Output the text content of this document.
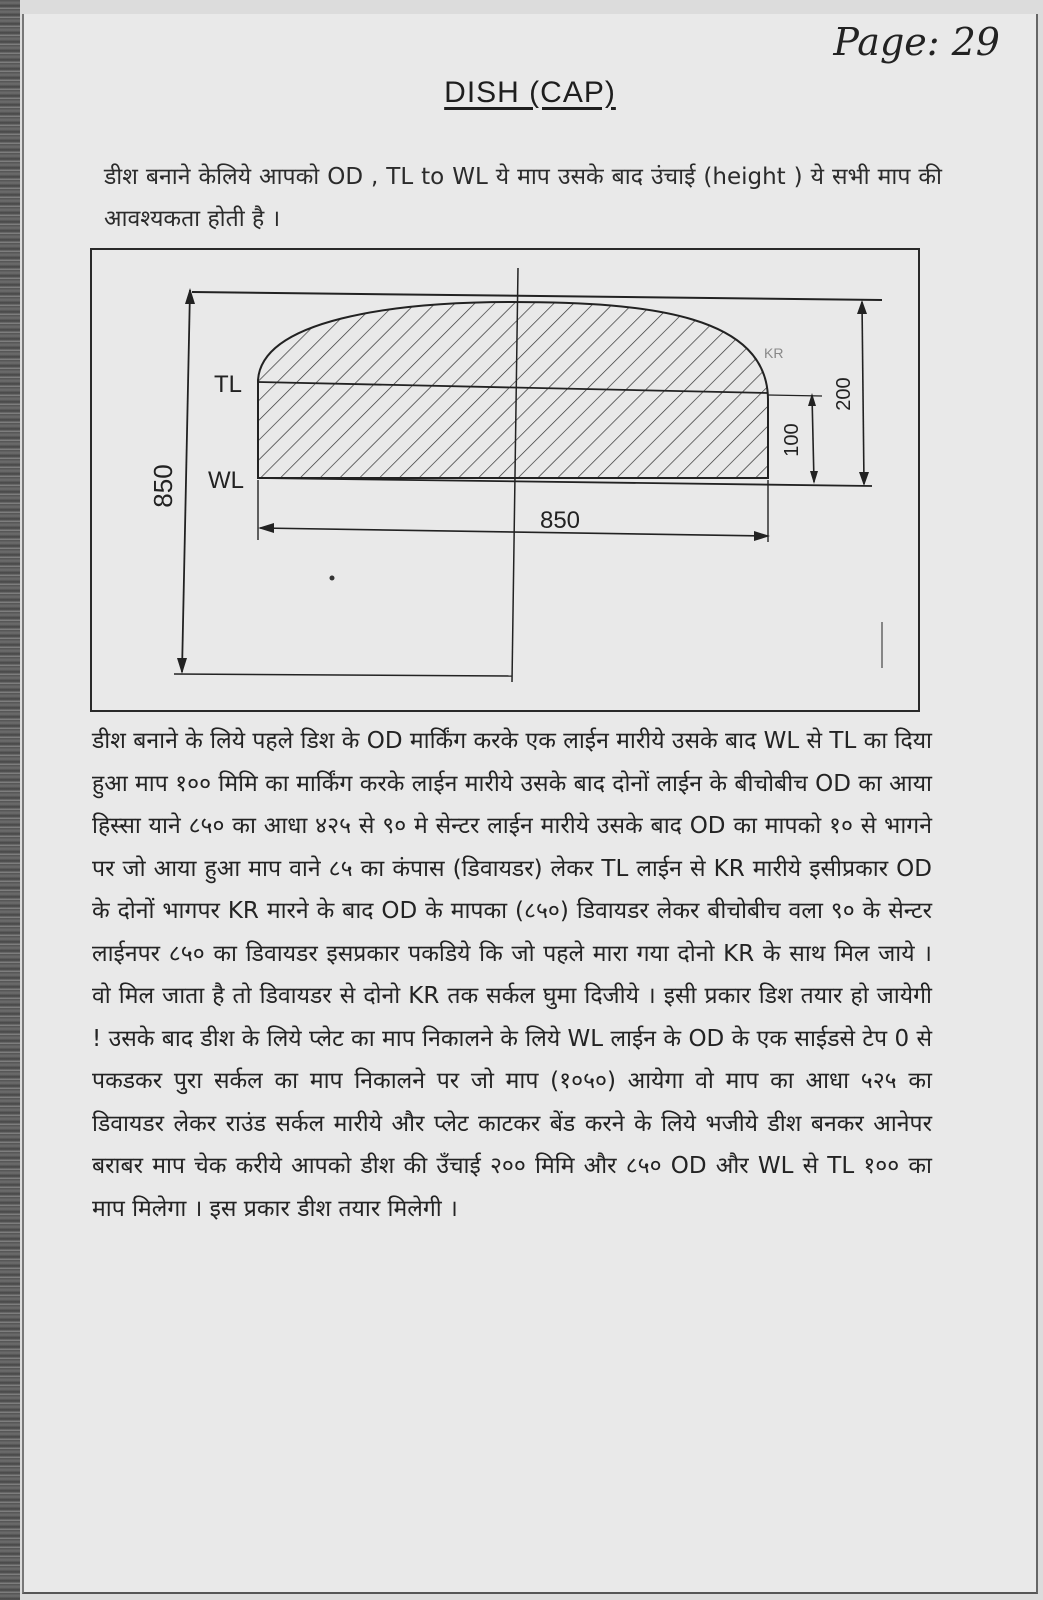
Page: 29
DISH (CAP)
डीश बनाने केलिये आपको OD , TL to WL ये माप उसके बाद उंचाई (height ) ये सभी माप की आवश्यकता होती है ।
850
TL
WL
KR
850
100
200
डीश बनाने के लिये पहले डिश के OD मार्किंग करके एक लाईन मारीये उसके बाद WL से TL का दिया हुआ माप १०० मिमि का मार्किंग करके लाईन मारीये उसके बाद दोनों लाईन के बीचोबीच OD का आया हिस्सा याने ८५० का आधा ४२५ से ९० मे सेन्टर लाईन मारीये उसके बाद OD का मापको १० से भागने पर जो आया हुआ माप वाने ८५ का कंपास (डिवायडर) लेकर TL लाईन से KR मारीये इसीप्रकार OD के दोनों भागपर KR मारने के बाद OD के मापका (८५०) डिवायडर लेकर बीचोबीच वला ९० के सेन्टर लाईनपर ८५० का डिवायडर इसप्रकार पकडिये कि जो पहले मारा गया दोनो KR के साथ मिल जाये । वो मिल जाता है तो डिवायडर से दोनो KR तक सर्कल घुमा दिजीये । इसी प्रकार डिश तयार हो जायेगी ! उसके बाद डीश के लिये प्लेट का माप निकालने के लिये WL लाईन के OD के एक साईडसे टेप 0 से पकडकर पुरा सर्कल का माप निकालने पर जो माप (१०५०) आयेगा वो माप का आधा ५२५ का डिवायडर लेकर राउंड सर्कल मारीये और प्लेट काटकर बेंड करने के लिये भजीये डीश बनकर आनेपर बराबर माप चेक करीये आपको डीश की उँचाई २०० मिमि और ८५० OD और WL से TL १०० का माप मिलेगा । इस प्रकार डीश तयार मिलेगी ।
